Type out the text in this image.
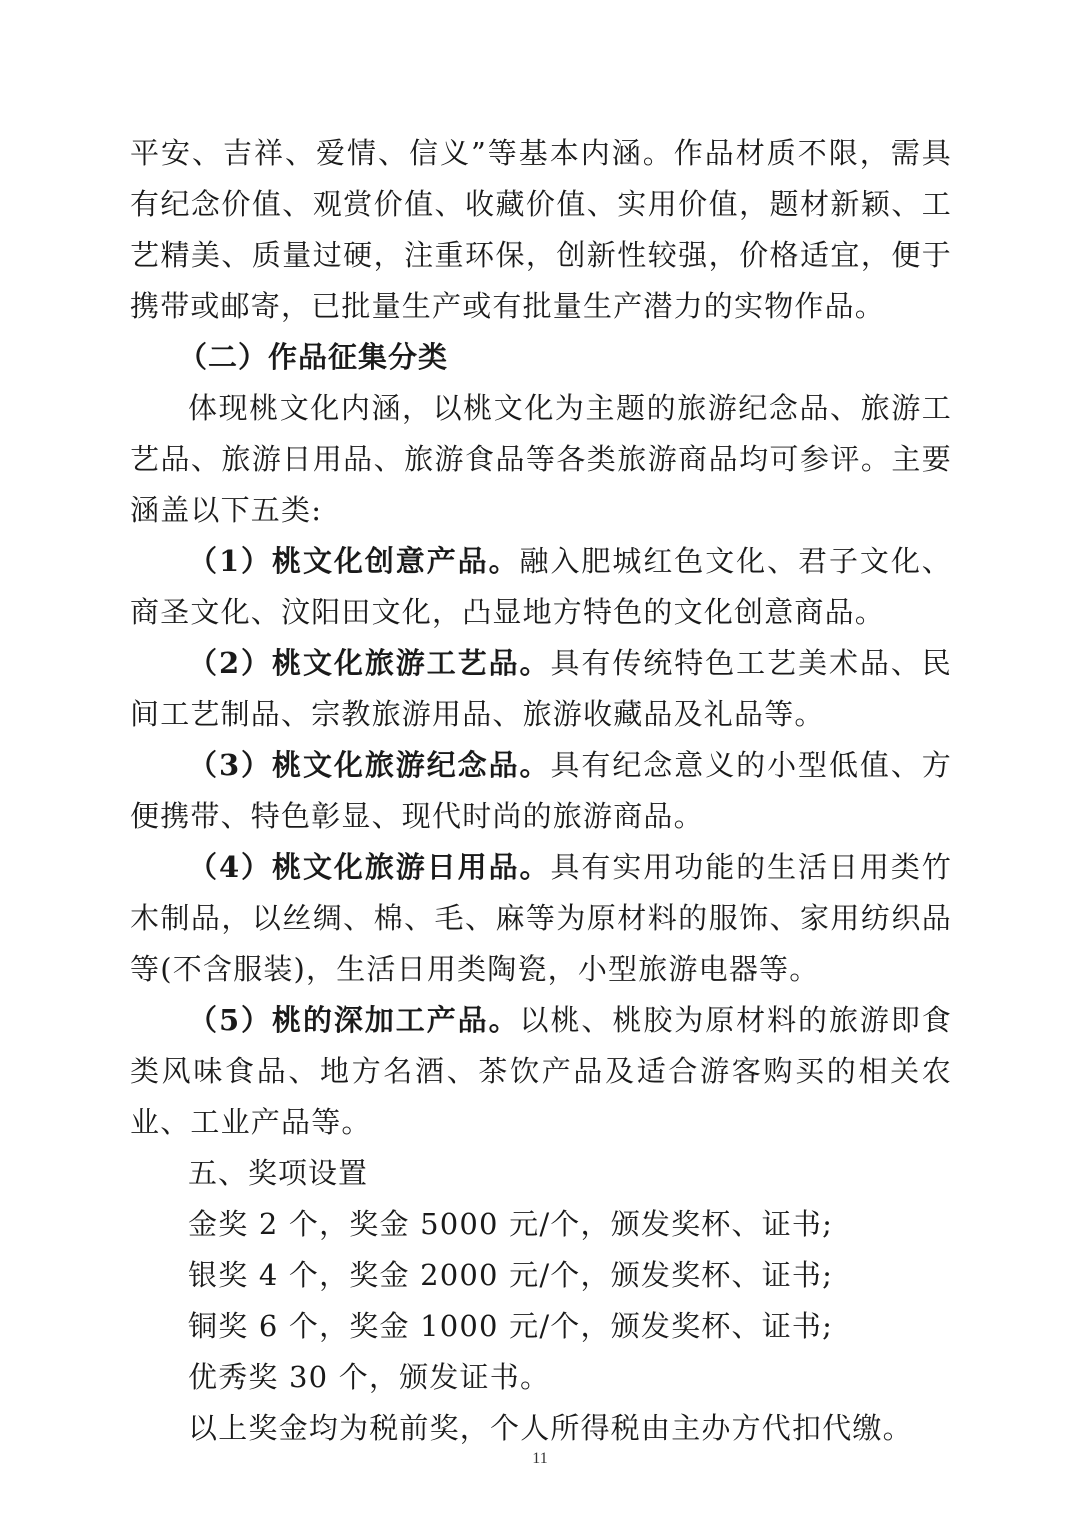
平安、吉祥、爱情、信义”等基本内涵。作品材质不限，需具有纪念价值、观赏价值、收藏价值、实用价值，题材新颖、工艺精美、质量过硬，注重环保，创新性较强，价格适宜，便于携带或邮寄，已批量生产或有批量生产潜力的实物作品。

（二）作品征集分类

体现桃文化内涵，以桃文化为主题的旅游纪念品、旅游工艺品、旅游日用品、旅游食品等各类旅游商品均可参评。主要涵盖以下五类:

（1）桃文化创意产品。融入肥城红色文化、君子文化、商圣文化、汶阳田文化，凸显地方特色的文化创意商品。

（2）桃文化旅游工艺品。具有传统特色工艺美术品、民间工艺制品、宗教旅游用品、旅游收藏品及礼品等。

（3）桃文化旅游纪念品。具有纪念意义的小型低值、方便携带、特色彰显、现代时尚的旅游商品。

（4）桃文化旅游日用品。具有实用功能的生活日用类竹木制品，以丝绸、棉、毛、麻等为原材料的服饰、家用纺织品等(不含服装)，生活日用类陶瓷，小型旅游电器等。

（5）桃的深加工产品。以桃、桃胶为原材料的旅游即食类风味食品、地方名酒、茶饮产品及适合游客购买的相关农业、工业产品等。

五、奖项设置

金奖 2 个，奖金 5000 元/个，颁发奖杯、证书;

银奖 4 个，奖金 2000 元/个，颁发奖杯、证书;

铜奖 6 个，奖金 1000 元/个，颁发奖杯、证书;

优秀奖 30 个，颁发证书。

以上奖金均为税前奖，个人所得税由主办方代扣代缴。

11
